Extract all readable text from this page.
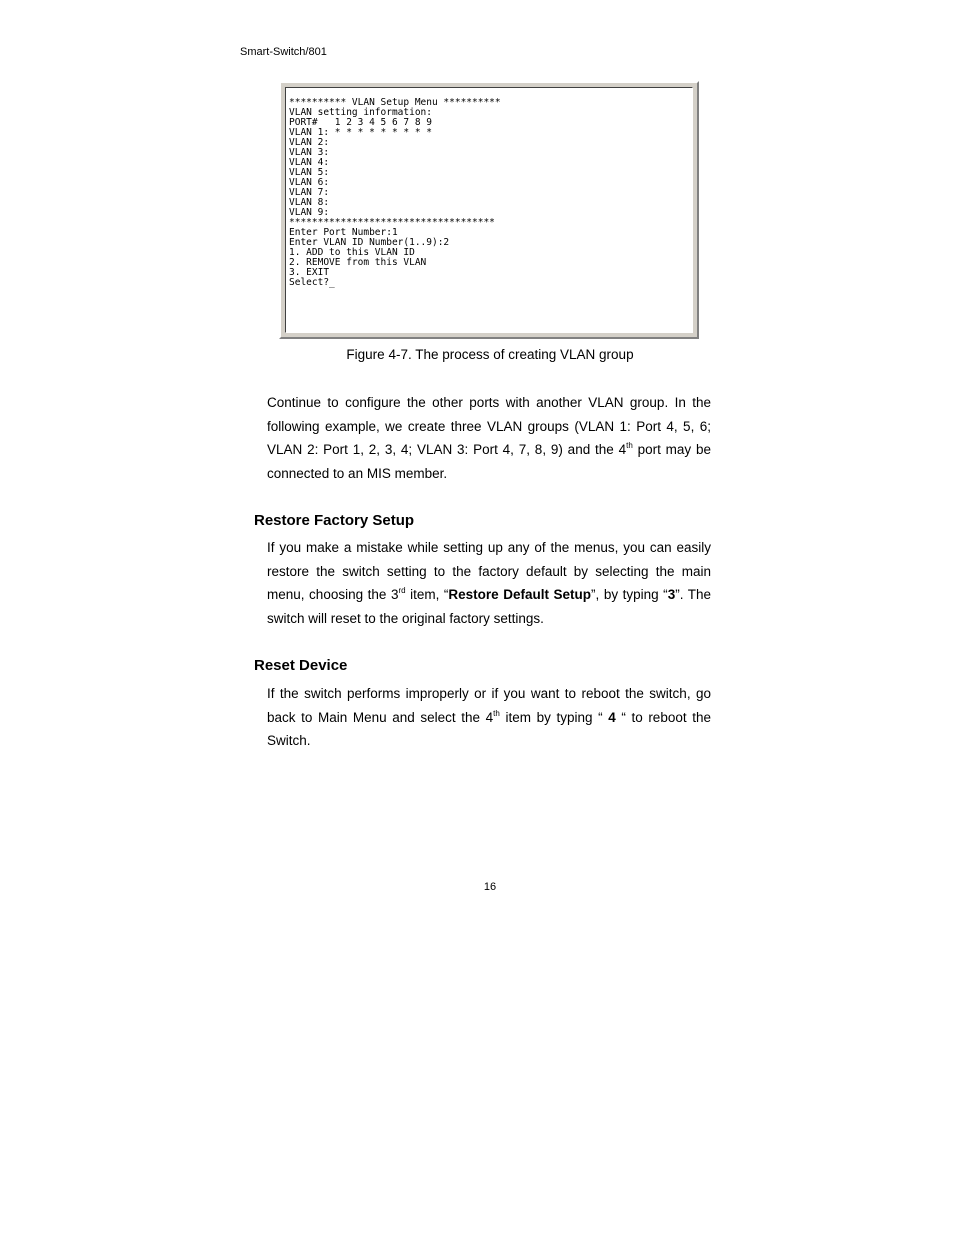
Smart-Switch/801
********** VLAN Setup Menu **********
VLAN setting information:
PORT#   1 2 3 4 5 6 7 8 9
VLAN 1: * * * * * * * * *
VLAN 2:
VLAN 3:
VLAN 4:
VLAN 5:
VLAN 6:
VLAN 7:
VLAN 8:
VLAN 9:
************************************
Enter Port Number:1
Enter VLAN ID Number(1..9):2
1. ADD to this VLAN ID
2. REMOVE from this VLAN
3. EXIT
Select?_
Figure 4-7. The process of creating VLAN group

Continue to configure the other ports with another VLAN group. In the following example, we create three VLAN groups (VLAN 1: Port 4, 5, 6; VLAN 2: Port 1, 2, 3, 4; VLAN 3: Port 4, 7, 8, 9) and the 4th port may be connected to an MIS member.

Restore Factory Setup

If you make a mistake while setting up any of the menus, you can easily restore the switch setting to the factory default by selecting the main menu, choosing the 3rd item, “Restore Default Setup”, by typing “3”. The switch will reset to the original factory settings.

Reset Device

If the switch performs improperly or if you want to reboot the switch, go back to Main Menu and select the 4th item by typing “ 4 “ to reboot the Switch.

16
